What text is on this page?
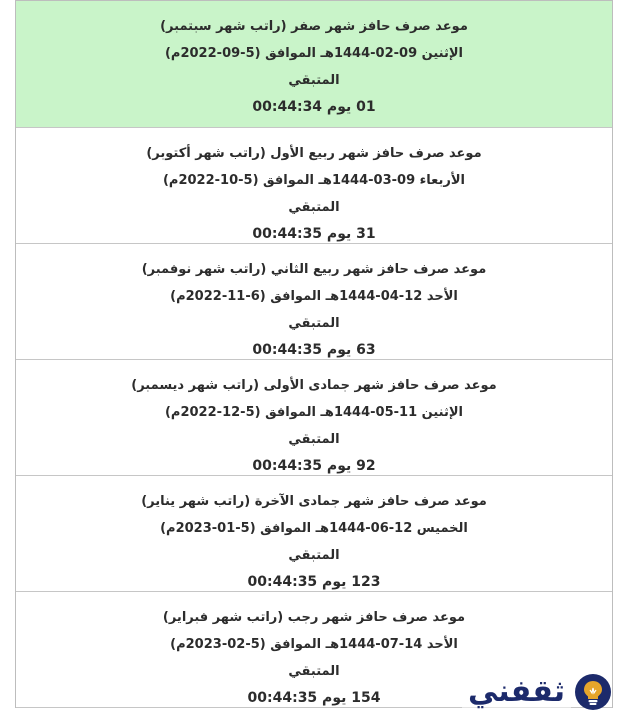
موعد صرف حافز شهر صفر (راتب شهر سبتمبر)
الإثنين 09-02-1444هـ الموافق (5-09-2022م)
المتبقي
01 يوم 00:44:34
موعد صرف حافز شهر ربيع الأول (راتب شهر أكتوبر)
الأربعاء 09-03-1444هـ الموافق (5-10-2022م)
المتبقي
31 يوم 00:44:35
موعد صرف حافز شهر ربيع الثاني (راتب شهر نوفمبر)
الأحد 12-04-1444هـ الموافق (6-11-2022م)
المتبقي
63 يوم 00:44:35
موعد صرف حافز شهر جمادى الأولى (راتب شهر ديسمبر)
الإثنين 11-05-1444هـ الموافق (5-12-2022م)
المتبقي
92 يوم 00:44:35
موعد صرف حافز شهر جمادى الآخرة (راتب شهر يناير)
الخميس 12-06-1444هـ الموافق (5-01-2023م)
المتبقي
123 يوم 00:44:35
موعد صرف حافز شهر رجب (راتب شهر فبراير)
الأحد 14-07-1444هـ الموافق (5-02-2023م)
المتبقي
154 يوم 00:44:35	ثقفني
